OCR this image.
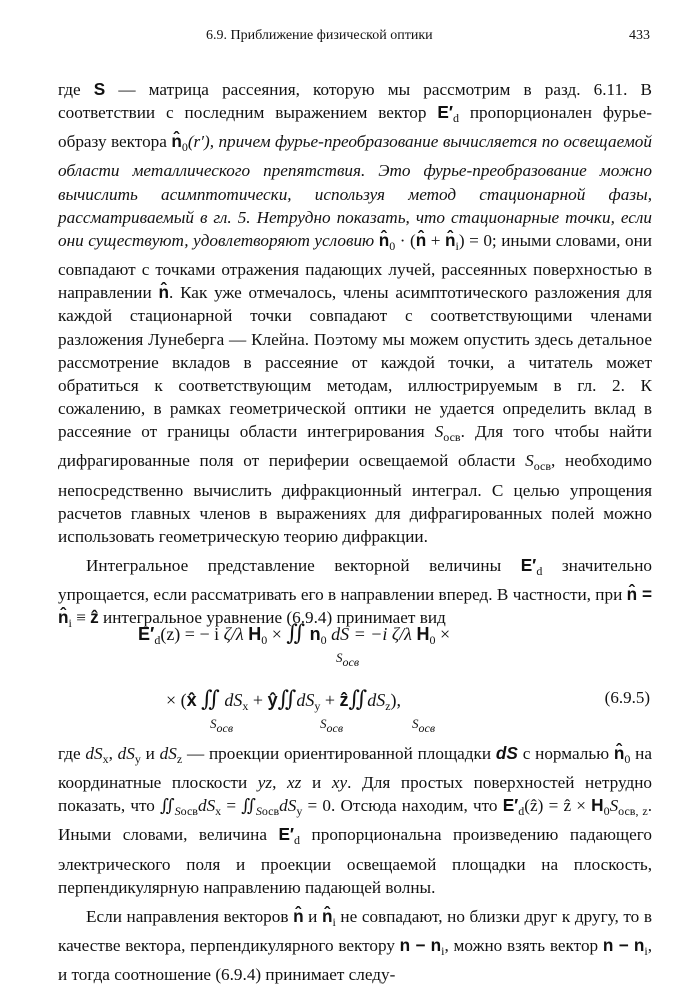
6.9. Приближение физической оптики	433

где S — матрица рассеяния, которую мы рассмотрим в разд. 6.11. В соответствии с последним выражением вектор $E'_d$ пропорционален фурье-образу вектора $n̂_0(r')$, причем фурье-преобразование вычисляется по освещаемой области металлического препятствия. Это фурье-преобразование можно вычислить асимптотически, используя метод стационарной фазы, рассматриваемый в гл. 5. Нетрудно показать, что стационарные точки, если они существуют, удовлетворяют условию $n̂_0$ · (n̂ + $n̂_i) = 0$; иными словами, они совпадают с точками отражения падающих лучей, рассеянных поверхностью в направлении n̂. Как уже отмечалось, члены асимптотического разложения для каждой стационарной точки совпадают с соответствующими членами разложения Лунеберга — Клейна. Поэтому мы можем опустить здесь детальное рассмотрение вкладов в рассеяние от каждой точки, а читатель может обратиться к соответствующим методам, иллюстрируемым в гл. 2. К сожалению, в рамках геометрической оптики не удается определить вклад в рассеяние от границы области интегрирования $S_{осв}$. Для того чтобы найти дифрагированные поля от периферии освещаемой области $S_{осв}$, необходимо непосредственно вычислить дифракционный интеграл. С целью упрощения расчетов главных членов в выражениях для дифрагированных полей можно использовать геометрическую теорию дифракции.

Интегральное представление векторной величины $E'_d$ значительно упрощается, если рассматривать его в направлении вперед. В частности, при n̂ = $n̂_i$ ≡ ẑ интегральное уравнение (6.9.4) принимает вид

$E'_d(z)$ = − i ζ/λ $H_0$ × ∬ $n_0$ dS = −i ζ/λ $H_0$ ×
Sосв
× (x̂ ∬ $dS_x$ + $ŷ∬dS_y$ + $ẑ∬dS_z$),
Sосв	Sосв	Sосв
(6.9.5)

где $dS_x$, $dS_y$ и $dS_z$ — проекции ориентированной площадки dS с нормалью $n̂_0$ на координатные плоскости yz, xz и xy. Для простых поверхностей нетрудно показать, что $∬_{Sосв}dS_x$ = $∬_{Sосв}dS_y = 0$. Отсюда находим, что $E'_d(ẑ)$ = ẑ × $H_0S_{осв, z}$. Иными словами, величина $E'_d$ пропорциональна произведению падающего электрического поля и проекции освещаемой площадки на плоскость, перпендикулярную направлению падающей волны.

Если направления векторов n̂ и $n̂_i$ не совпадают, но близки друг к другу, то в качестве вектора, перпендикулярного вектору $n - n_i$, можно взять вектор $n - n_i$, и тогда соотношение (6.9.4) принимает следу-
